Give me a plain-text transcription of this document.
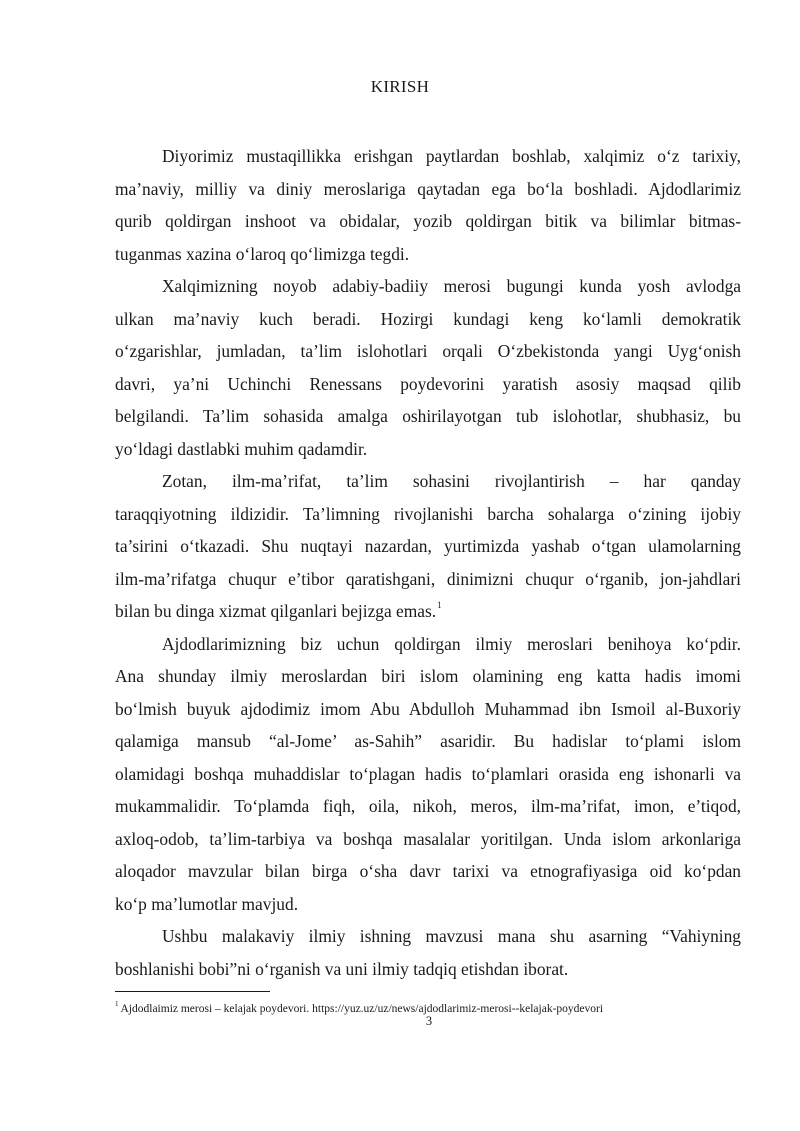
KIRISH

Diyorimiz mustaqillikka erishgan paytlardan boshlab, xalqimiz o‘z tarixiy,
ma’naviy, milliy va diniy meroslariga qaytadan ega bo‘la boshladi. Ajdodlarimiz
qurib qoldirgan inshoot va obidalar, yozib qoldirgan bitik va bilimlar bitmas-
tuganmas xazina o‘laroq qo‘limizga tegdi.

Xalqimizning noyob adabiy-badiiy merosi bugungi kunda yosh avlodga
ulkan ma’naviy kuch beradi. Hozirgi kundagi keng ko‘lamli demokratik
o‘zgarishlar, jumladan, ta’lim islohotlari orqali O‘zbekistonda yangi Uyg‘onish
davri, ya’ni Uchinchi Renessans poydevorini yaratish asosiy maqsad qilib
belgilandi. Ta’lim sohasida amalga oshirilayotgan tub islohotlar, shubhasiz, bu
yo‘ldagi dastlabki muhim qadamdir.

Zotan, ilm-ma’rifat, ta’lim sohasini rivojlantirish – har qanday
taraqqiyotning ildizidir. Ta’limning rivojlanishi barcha sohalarga o‘zining ijobiy
ta’sirini o‘tkazadi. Shu nuqtayi nazardan, yurtimizda yashab o‘tgan ulamolarning
ilm-ma’rifatga chuqur e’tibor qaratishgani, dinimizni chuqur o‘rganib, jon-jahdlari
bilan bu dinga xizmat qilganlari bejizga emas.$^1$

Ajdodlarimizning biz uchun qoldirgan ilmiy meroslari benihoya ko‘pdir.
Ana shunday ilmiy meroslardan biri islom olamining eng katta hadis imomi
bo‘lmish buyuk ajdodimiz imom Abu Abdulloh Muhammad ibn Ismoil al-Buxoriy
qalamiga mansub “al-Jome’ as-Sahih” asaridir. Bu hadislar to‘plami islom
olamidagi boshqa muhaddislar to‘plagan hadis to‘plamlari orasida eng ishonarli va
mukammalidir. To‘plamda fiqh, oila, nikoh, meros, ilm-ma’rifat, imon, e’tiqod,
axloq-odob, ta’lim-tarbiya va boshqa masalalar yoritilgan. Unda islom arkonlariga
aloqador mavzular bilan birga o‘sha davr tarixi va etnografiyasiga oid ko‘pdan
ko‘p ma’lumotlar mavjud.

Ushbu malakaviy ilmiy ishning mavzusi mana shu asarning “Vahiyning
boshlanishi bobi”ni o‘rganish va uni ilmiy tadqiq etishdan iborat.

$^1$ Ajdodlaimiz merosi – kelajak poydevori. https://yuz.uz/uz/news/ajdodlarimiz-merosi--kelajak-poydevori
3
